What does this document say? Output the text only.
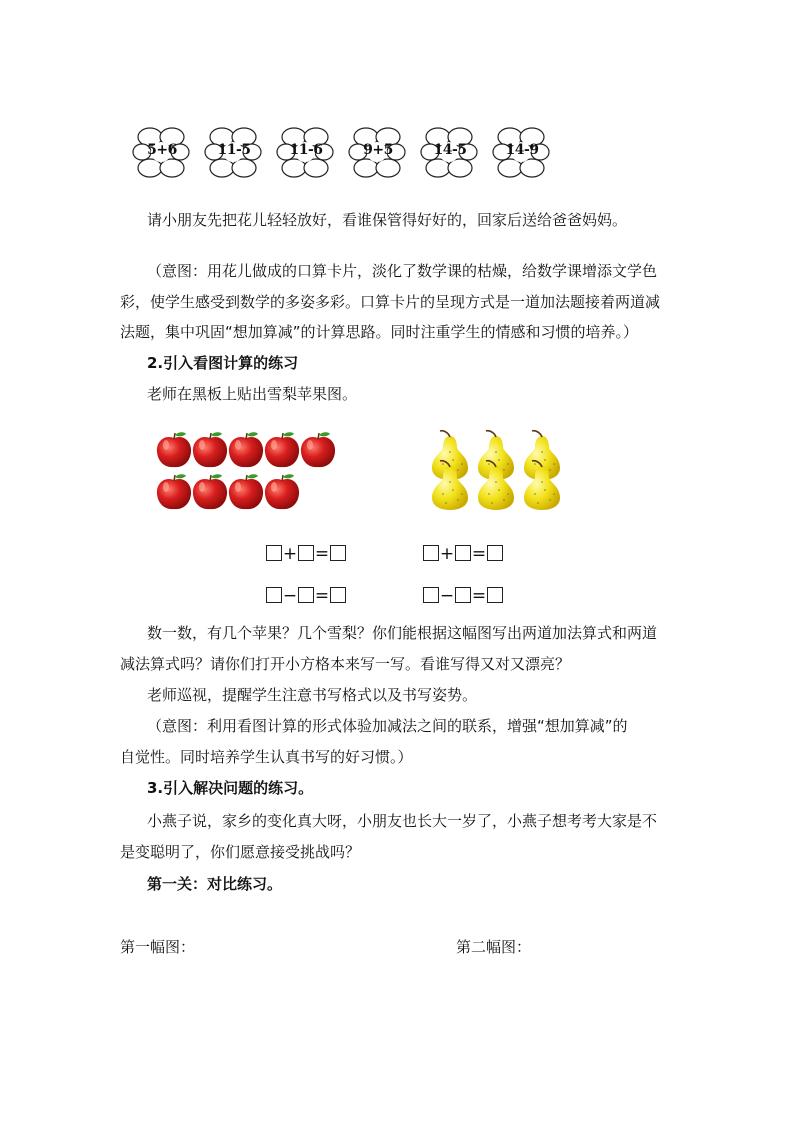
5+6	11-5	11-6	9+5	14-5	14-9
请小朋友先把花儿轻轻放好，看谁保管得好好的，回家后送给爸爸妈妈。
（意图：用花儿做成的口算卡片，淡化了数学课的枯燥，给数学课增添文学色
彩，使学生感受到数学的多姿多彩。口算卡片的呈现方式是一道加法题接着两道减
法题，集中巩固“想加算减”的计算思路。同时注重学生的情感和习惯的培养。）
2.引入看图计算的练习
老师在黑板上贴出雪梨苹果图。
+ =	+ =
− =	− =
数一数，有几个苹果？几个雪梨？你们能根据这幅图写出两道加法算式和两道
减法算式吗？请你们打开小方格本来写一写。看谁写得又对又漂亮？
老师巡视，提醒学生注意书写格式以及书写姿势。
（意图：利用看图计算的形式体验加减法之间的联系，增强“想加算减”的
自觉性。同时培养学生认真书写的好习惯。）
3.引入解决问题的练习。
小燕子说，家乡的变化真大呀，小朋友也长大一岁了，小燕子想考考大家是不
是变聪明了，你们愿意接受挑战吗？
第一关：对比练习。
第一幅图：	第二幅图：
